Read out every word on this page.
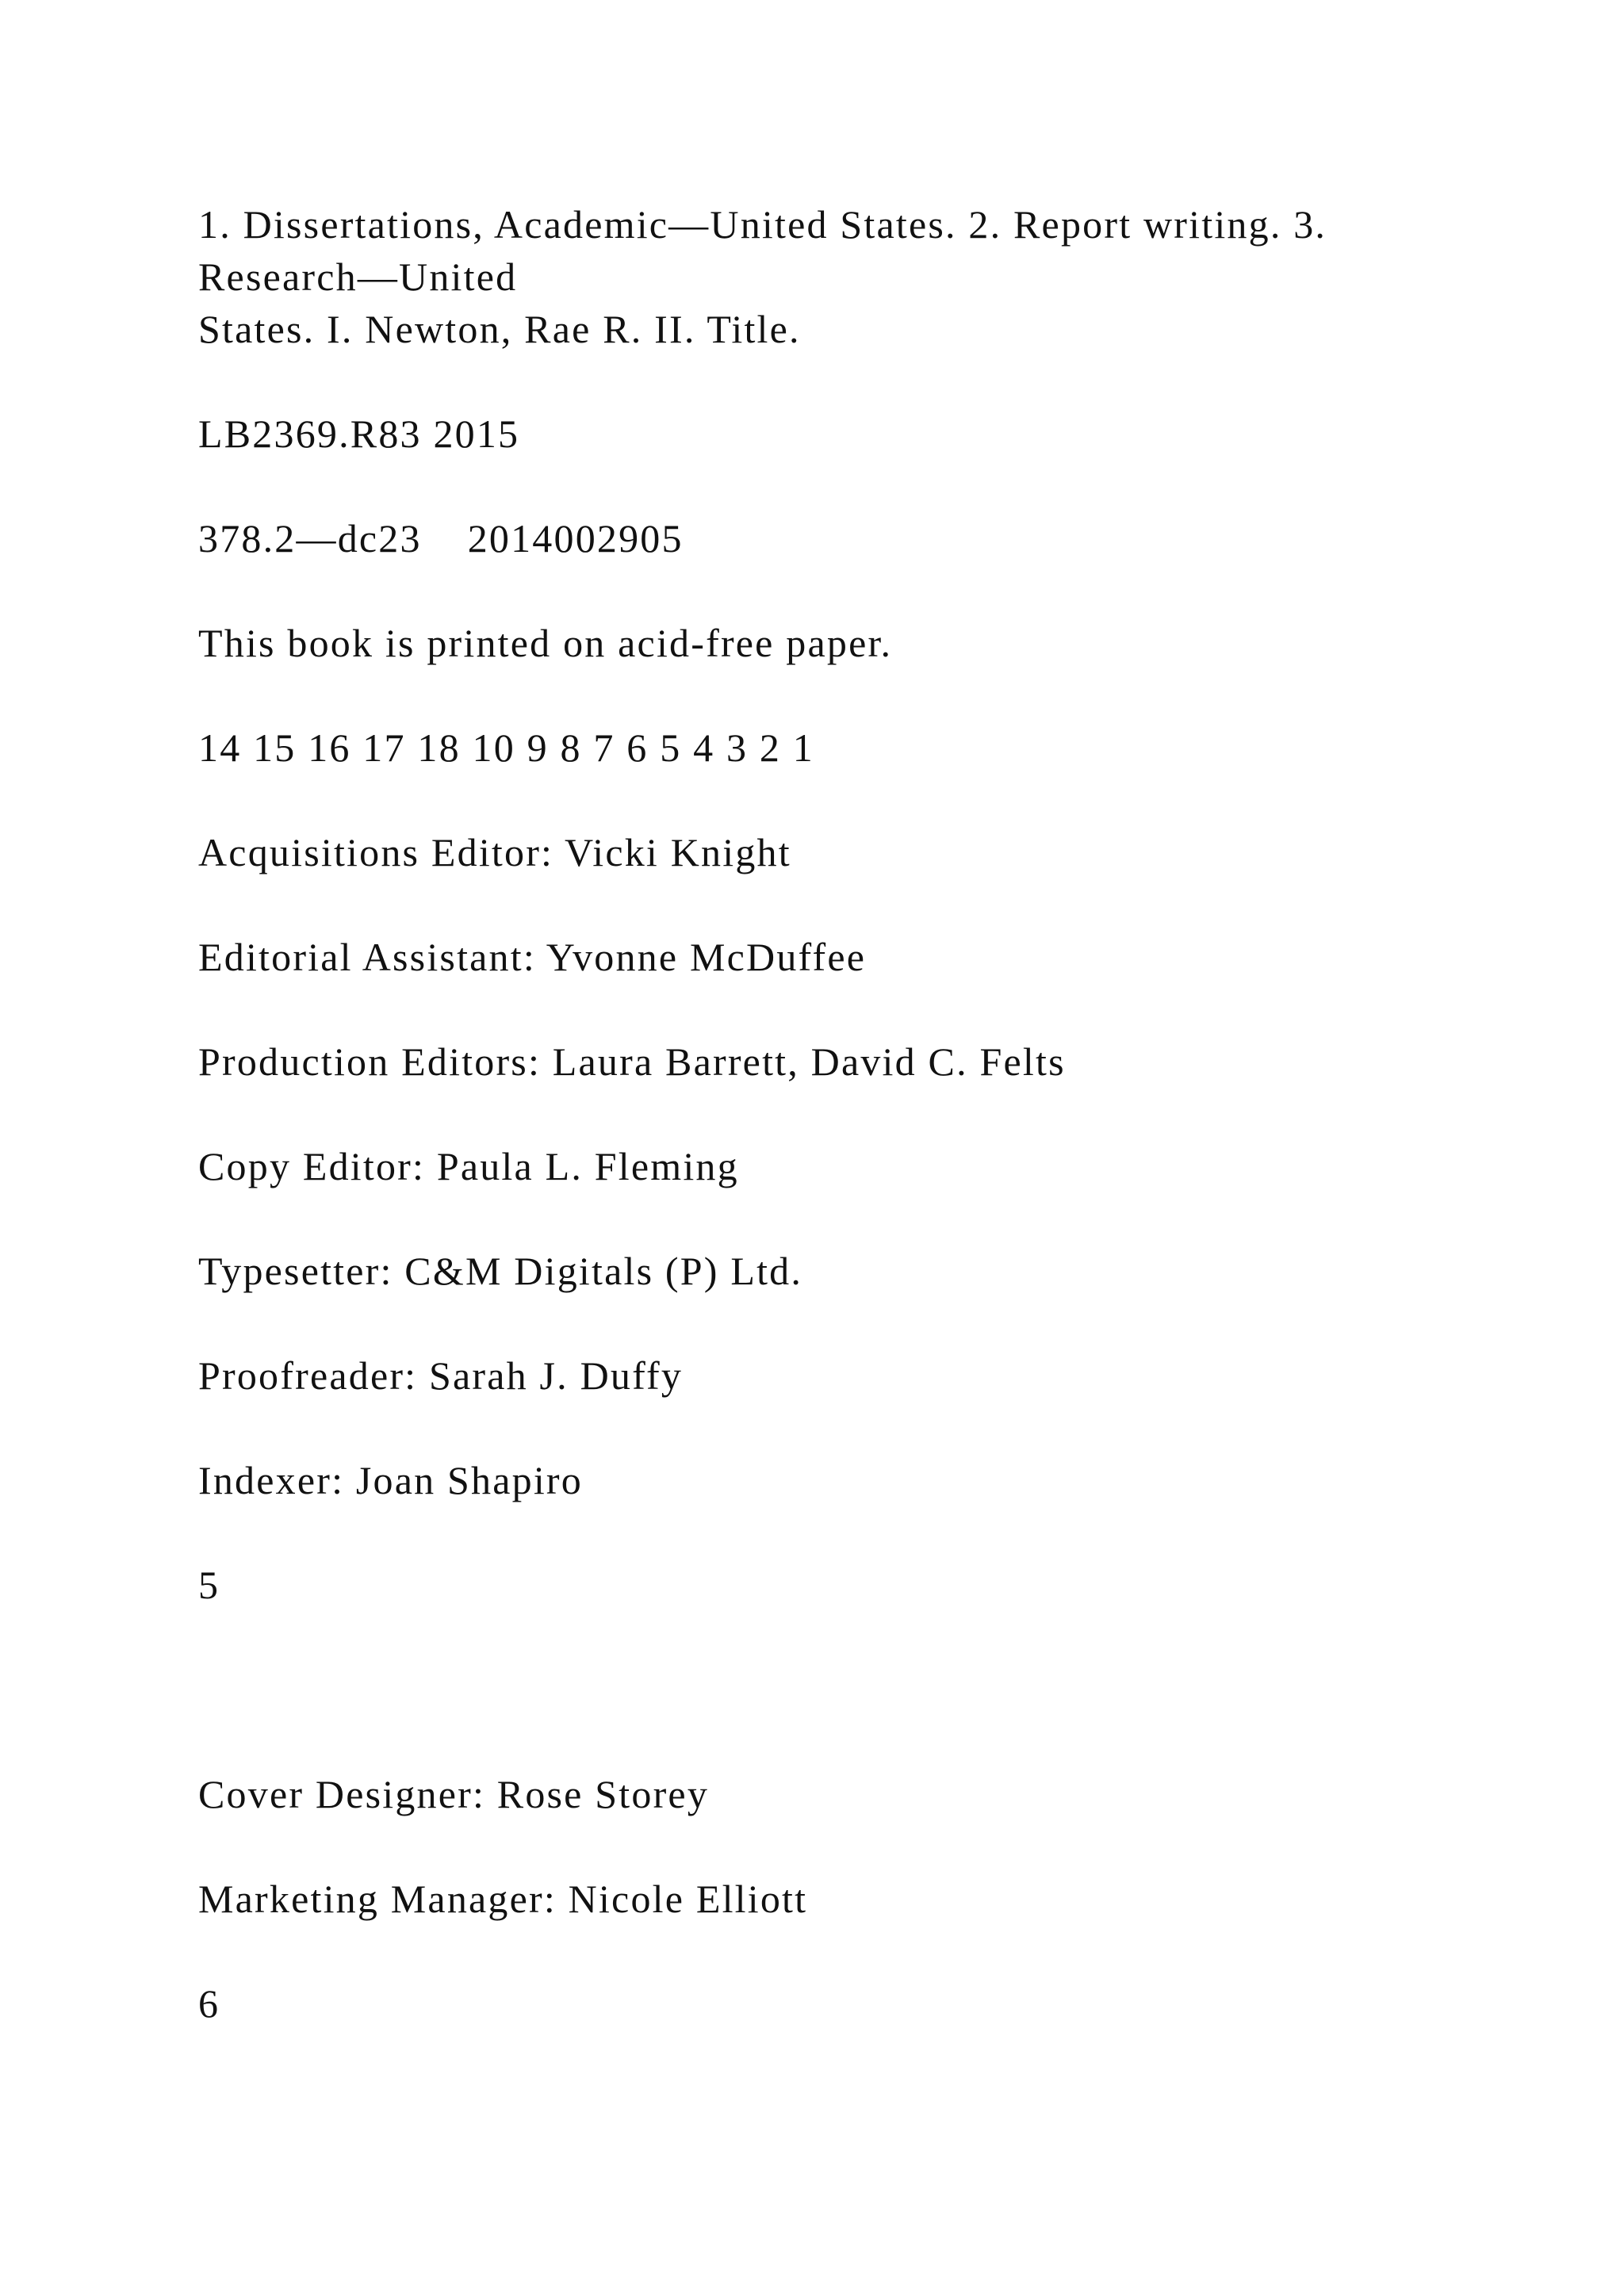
1. Dissertations, Academic—United States. 2. Report writing. 3.

Research—United

States. I. Newton, Rae R. II. Title.

LB2369.R83 2015

378.2—dc23 2014002905

This book is printed on acid-free paper.

14 15 16 17 18 10 9 8 7 6 5 4 3 2 1

Acquisitions Editor: Vicki Knight

Editorial Assistant: Yvonne McDuffee

Production Editors: Laura Barrett, David C. Felts

Copy Editor: Paula L. Fleming

Typesetter: C&M Digitals (P) Ltd.

Proofreader: Sarah J. Duffy

Indexer: Joan Shapiro

5

Cover Designer: Rose Storey

Marketing Manager: Nicole Elliott

6
